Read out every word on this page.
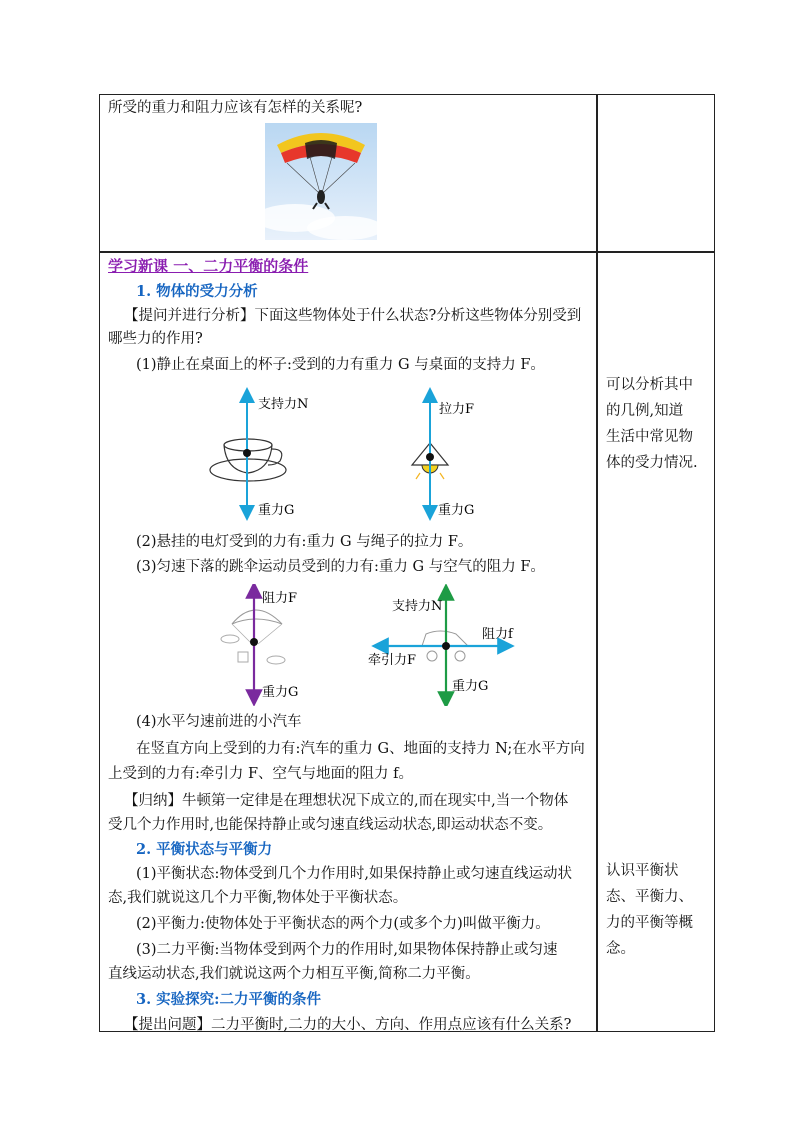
所受的重力和阻力应该有怎样的关系呢?
学习新课 一、二力平衡的条件
1. 物体的受力分析
【提问并进行分析】下面这些物体处于什么状态?分析这些物体分别受到
哪些力的作用?
(1)静止在桌面上的杯子:受到的力有重力 G 与桌面的支持力 F。
支持力N
重力G
拉力F
重力G
(2)悬挂的电灯受到的力有:重力 G 与绳子的拉力 F。
(3)匀速下落的跳伞运动员受到的力有:重力 G 与空气的阻力 F。
阻力F
重力G
支持力N
阻力f
牵引力F
重力G
(4)水平匀速前进的小汽车
在竖直方向上受到的力有:汽车的重力 G、地面的支持力 N;在水平方向
上受到的力有:牵引力 F、空气与地面的阻力 f。
【归纳】牛顿第一定律是在理想状况下成立的,而在现实中,当一个物体
受几个力作用时,也能保持静止或匀速直线运动状态,即运动状态不变。
2. 平衡状态与平衡力
(1)平衡状态:物体受到几个力作用时,如果保持静止或匀速直线运动状
态,我们就说这几个力平衡,物体处于平衡状态。
(2)平衡力:使物体处于平衡状态的两个力(或多个力)叫做平衡力。
(3)二力平衡:当物体受到两个力的作用时,如果物体保持静止或匀速
直线运动状态,我们就说这两个力相互平衡,简称二力平衡。
3. 实验探究:二力平衡的条件
【提出问题】二力平衡时,二力的大小、方向、作用点应该有什么关系?
可以分析其中
的几例,知道
生活中常见物
体的受力情况.
认识平衡状
态、平衡力、
力的平衡等概
念。
